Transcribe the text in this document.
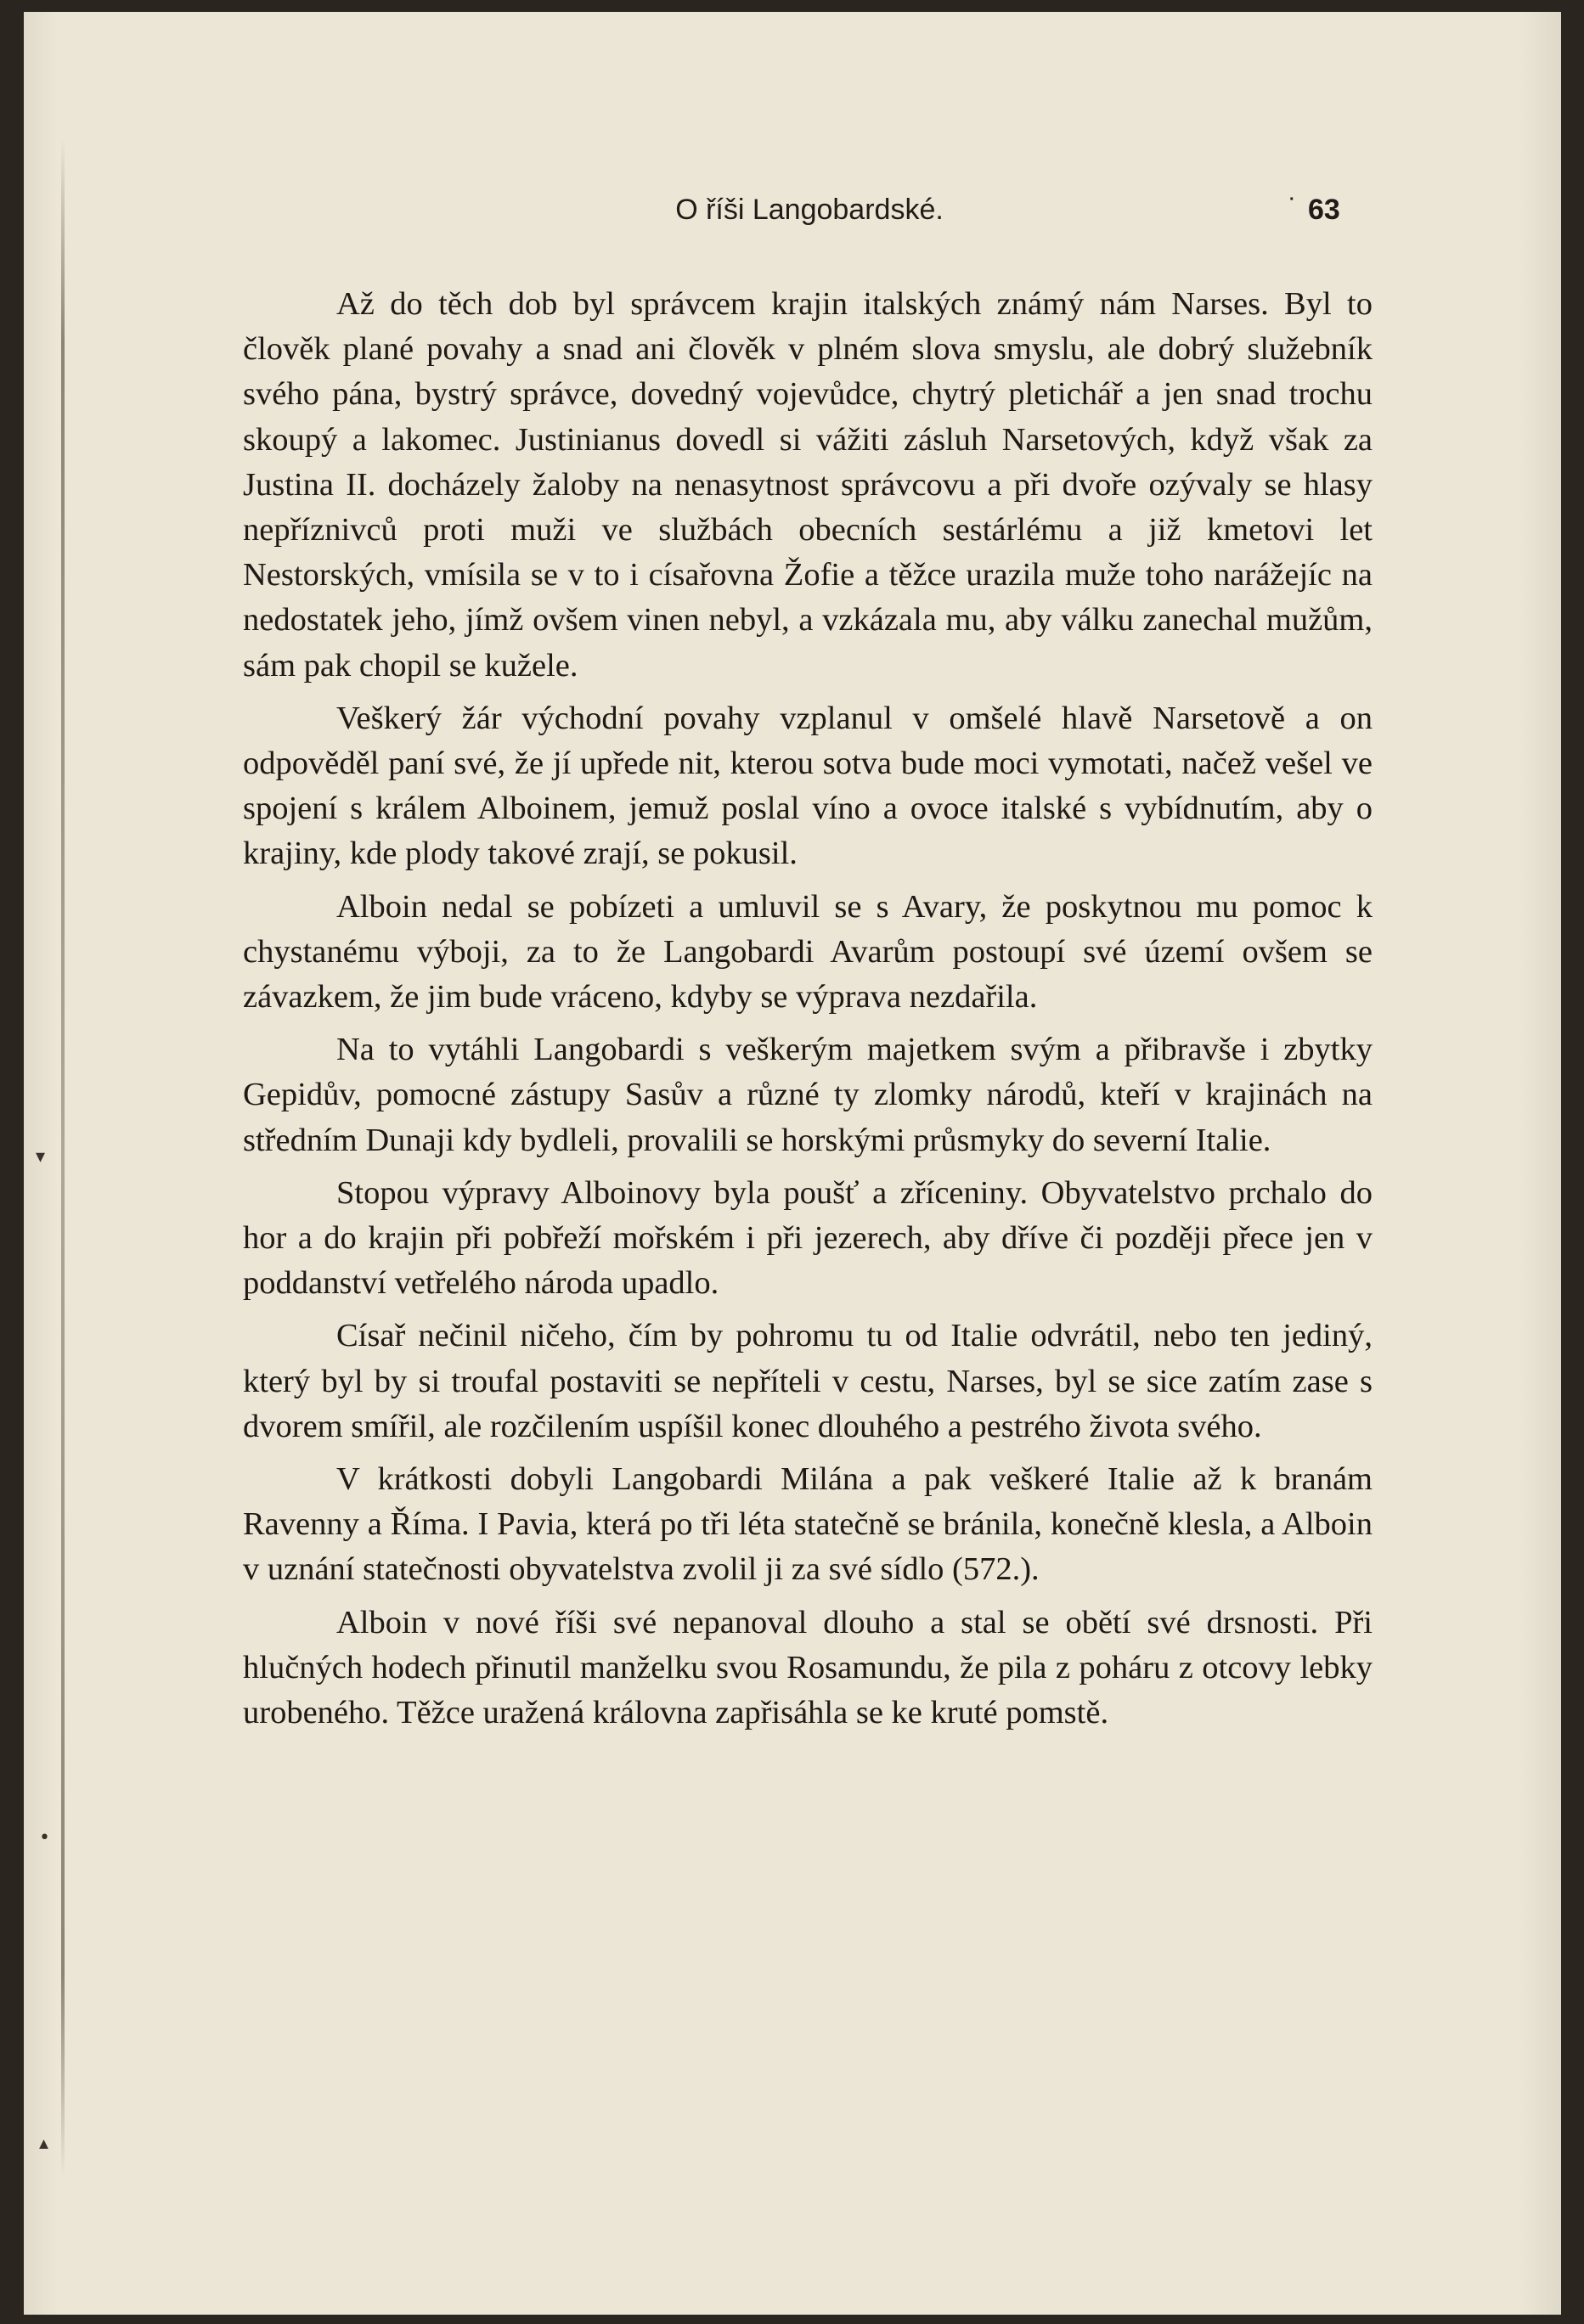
▾
•
▴
O říši Langobardské.	· 63

Až do těch dob byl správcem krajin italských známý nám Narses. Byl to člověk plané povahy a snad ani člověk v plném slova smyslu, ale dobrý služebník svého pána, bystrý správce, dovedný vojevůdce, chytrý pletichář a jen snad trochu skoupý a lakomec. Justinianus dovedl si vážiti zásluh Narsetových, když však za Justina II. docházely žaloby na nenasytnost správcovu a při dvoře ozývaly se hlasy nepříznivců proti muži ve službách obecních sestárlému a již kmetovi let Nestorských, vmísila se v to i císařovna Žofie a těžce urazila muže toho narážejíc na nedostatek jeho, jímž ovšem vinen nebyl, a vzkázala mu, aby válku zanechal mužům, sám pak chopil se kužele.

Veškerý žár východní povahy vzplanul v omšelé hlavě Narsetově a on odpověděl paní své, že jí upřede nit, kterou sotva bude moci vymotati, načež vešel ve spojení s králem Alboinem, jemuž poslal víno a ovoce italské s vybídnutím, aby o krajiny, kde plody takové zrají, se pokusil.

Alboin nedal se pobízeti a umluvil se s Avary, že poskytnou mu pomoc k chystanému výboji, za to že Langobardi Avarům postoupí své území ovšem se závazkem, že jim bude vráceno, kdyby se výprava nezdařila.

Na to vytáhli Langobardi s veškerým majetkem svým a přibravše i zbytky Gepidův, pomocné zástupy Sasův a různé ty zlomky národů, kteří v krajinách na středním Dunaji kdy bydleli, provalili se horskými průsmyky do severní Italie.

Stopou výpravy Alboinovy byla poušť a zříceniny. Obyvatelstvo prchalo do hor a do krajin při pobřeží mořském i při jezerech, aby dříve či později přece jen v poddanství vetřelého národa upadlo.

Císař nečinil ničeho, čím by pohromu tu od Italie odvrátil, nebo ten jediný, který byl by si troufal postaviti se nepříteli v cestu, Narses, byl se sice zatím zase s dvorem smířil, ale rozčilením uspíšil konec dlouhého a pestrého života svého.

V krátkosti dobyli Langobardi Milána a pak veškeré Italie až k branám Ravenny a Říma. I Pavia, která po tři léta statečně se bránila, konečně klesla, a Alboin v uznání statečnosti obyvatelstva zvolil ji za své sídlo (572.).

Alboin v nové říši své nepanoval dlouho a stal se obětí své drsnosti. Při hlučných hodech přinutil manželku svou Rosamundu, že pila z poháru z otcovy lebky urobeného. Těžce uražená královna zapřisáhla se ke kruté pomstě.
